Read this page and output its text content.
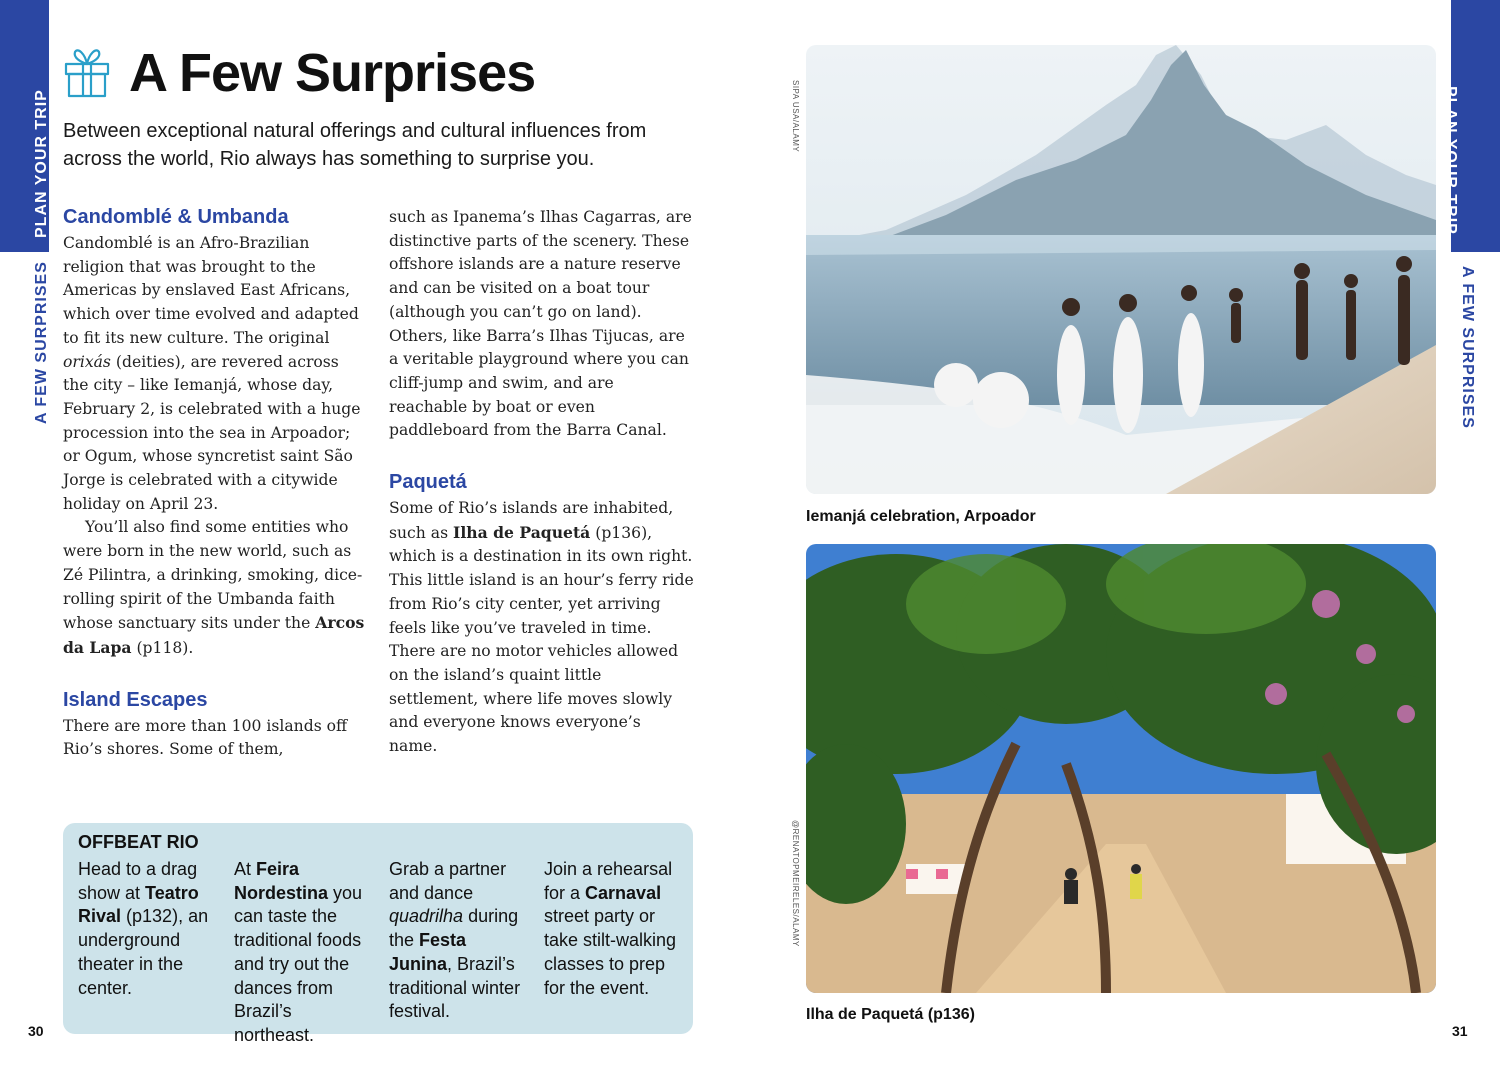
PLAN YOUR TRIP
A FEW SURPRISES
PLAN YOUR TRIP
A FEW SURPRISES
A Few Surprises
Between exceptional natural offerings and cultural influences from across the world, Rio always has something to surprise you.
Candomblé & Umbanda

Candomblé is an Afro-Brazilian religion that was brought to the Americas by enslaved East Africans, which over time evolved and adapted to fit its new culture. The original orixás (deities), are revered across the city – like Iemanjá, whose day, February 2, is celebrated with a huge procession into the sea in Arpoador; or Ogum, whose syncretist saint São Jorge is celebrated with a citywide holiday on April 23.

You’ll also find some entities who were born in the new world, such as Zé Pilintra, a drinking, smoking, dice-rolling spirit of the Umbanda faith whose sanctuary sits under the Arcos da Lapa (p118).

Island Escapes

There are more than 100 islands off Rio’s shores. Some of them,

such as Ipanema’s Ilhas Cagarras, are distinctive parts of the scenery. These offshore islands are a nature reserve and can be visited on a boat tour (although you can’t go on land). Others, like Barra’s Ilhas Tijucas, are a veritable playground where you can cliff-jump and swim, and are reachable by boat or even paddleboard from the Barra Canal.

Paquetá

Some of Rio’s islands are inhabited, such as Ilha de Paquetá (p136), which is a destination in its own right. This little island is an hour’s ferry ride from Rio’s city center, yet arriving feels like you’ve traveled in time. There are no motor vehicles allowed on the island’s quaint little settlement, where life moves slowly and everyone knows everyone’s name.

OFFBEAT RIO
Head to a drag show at Teatro Rival (p132), an underground theater in the center.
At Feira Nordestina you can taste the traditional foods and try out the dances from Brazil’s northeast.
Grab a partner and dance quadrilha during the Festa Junina, Brazil’s traditional winter festival.
Join a rehearsal for a Carnaval street party or take stilt-walking classes to prep for the event.
30	31
SIPA USA/ALAMY
Iemanjá celebration, Arpoador
@RENATOPMEIRELES/ALAMY
Ilha de Paquetá (p136)
